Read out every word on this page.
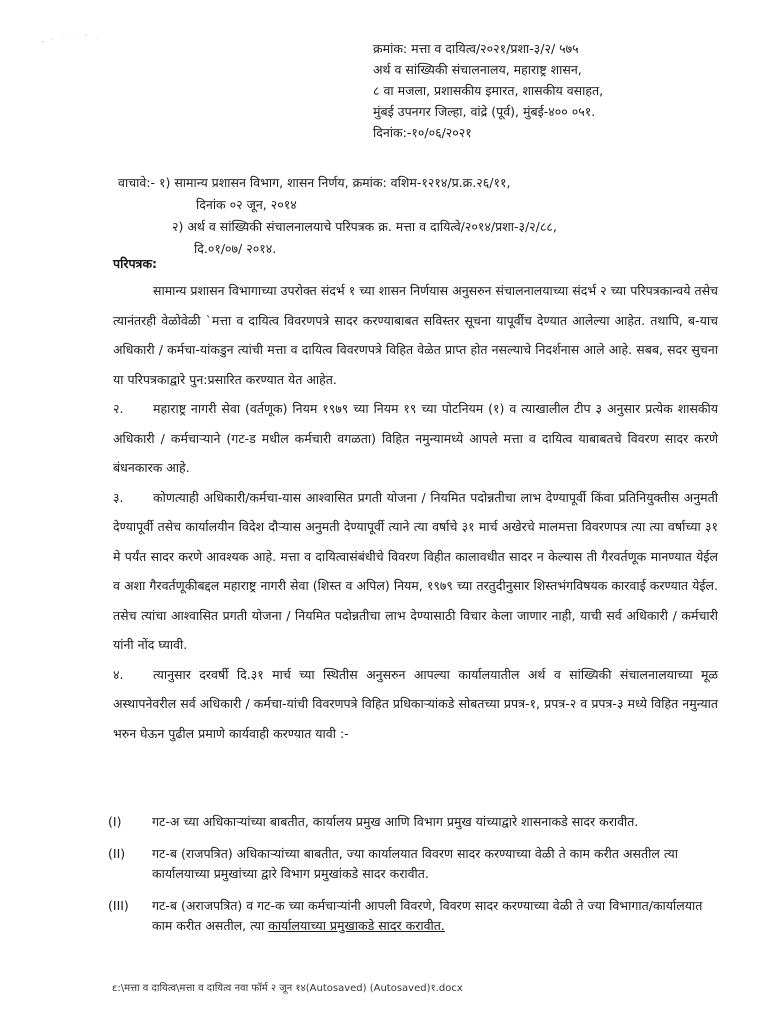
क्रमांक: मत्ता व दायित्व/२०२१/प्रशा-३/२/ ५७५
अर्थ व सांख्यिकी संचालनालय, महाराष्ट्र शासन,
८ वा मजला, प्रशासकीय इमारत, शासकीय वसाहत,
मुंबई उपनगर जिल्हा, वांद्रे (पूर्व), मुंबई-४०० ०५१.
दिनांक:-१०/०६/२०२१
वाचावे:- १) सामान्य प्रशासन विभाग, शासन निर्णय, क्रमांक: वशिम-१२१४/प्र.क्र.२६/११,
दिनांक ०२ जून, २०१४
२) अर्थ व सांख्यिकी संचालनालयाचे परिपत्रक क्र. मत्ता व दायित्वे/२०१४/प्रशा-३/२/८८,
दि.०१/०७/ २०१४.
परिपत्रक:

सामान्य प्रशासन विभागाच्या उपरोक्त संदर्भ १ च्या शासन निर्णयास अनुसरुन संचालनालयाच्या संदर्भ २ च्या परिपत्रकान्वये तसेच त्यानंतरही वेळोवेळी `मत्ता व दायित्व विवरणपत्रे सादर करण्याबाबत सविस्तर सूचना यापूर्वीच देण्यात आलेल्या आहेत. तथापि, ब-याच अधिकारी / कर्मचा-यांकडुन त्यांची मत्ता व दायित्व विवरणपत्रे विहित वेळेत प्राप्त होत नसल्याचे निदर्शनास आले आहे. सबब, सदर सुचना या परिपत्रकाद्वारे पुन:प्रसारित करण्यात येत आहेत.

२. महाराष्ट्र नागरी सेवा (वर्तणूक) नियम १९७९ च्या नियम १९ च्या पोटनियम (१) व त्याखालील टीप ३ अनुसार प्रत्येक शासकीय अधिकारी / कर्मचाऱ्याने (गट-ड मधील कर्मचारी वगळता) विहित नमुन्यामध्ये आपले मत्ता व दायित्व याबाबतचे विवरण सादर करणे बंधनकारक आहे.

३. कोणत्याही अधिकारी/कर्मचा-यास आश्वासित प्रगती योजना / नियमित पदोन्नतीचा लाभ देण्यापूर्वी किंवा प्रतिनियुक्तीस अनुमती देण्यापूर्वी तसेच कार्यालयीन विदेश दौऱ्यास अनुमती देण्यापूर्वी त्याने त्या वर्षाचे ३१ मार्च अखेरचे मालमत्ता विवरणपत्र त्या त्या वर्षाच्या ३१ मे पर्यंत सादर करणे आवश्यक आहे. मत्ता व दायित्वासंबंधीचे विवरण विहीत कालावधीत सादर न केल्यास ती गैरवर्तणूक मानण्यात येईल व अशा गैरवर्तणूकीबद्दल महाराष्ट्र नागरी सेवा (शिस्त व अपिल) नियम, १९७९ च्या तरतुदीनुसार शिस्तभंगविषयक कारवाई करण्यात येईल. तसेच त्यांचा आश्वासित प्रगती योजना / नियमित पदोन्नतीचा लाभ देण्यासाठी विचार केला जाणार नाही, याची सर्व अधिकारी / कर्मचारी यांनी नोंद घ्यावी.

४. त्यानुसार दरवर्षी दि.३१ मार्च च्या स्थितीस अनुसरुन आपल्या कार्यालयातील अर्थ व सांख्यिकी संचालनालयाच्या मूळ अस्थापनेवरील सर्व अधिकारी / कर्मचा-यांची विवरणपत्रे विहित प्रधिकाऱ्यांकडे सोबतच्या प्रपत्र-१, प्रपत्र-२ व प्रपत्र-३ मध्ये विहित नमुन्यात भरुन घेऊन पुढील प्रमाणे कार्यवाही करण्यात यावी :-

(I)	गट-अ च्या अधिकाऱ्यांच्या बाबतीत, कार्यालय प्रमुख आणि विभाग प्रमुख यांच्याद्वारे शासनाकडे सादर करावीत.
(II)	गट-ब (राजपत्रित) अधिकाऱ्यांच्या बाबतीत, ज्या कार्यालयात विवरण सादर करण्याच्या वेळी ते काम करीत असतील त्या कार्यालयाच्या प्रमुखांच्या द्वारे विभाग प्रमुखांकडे सादर करावीत.
(III)	गट-ब (अराजपत्रित) व गट-क च्या कर्मचाऱ्यांनी आपली विवरणे, विवरण सादर करण्याच्या वेळी ते ज्या विभागात/कार्यालयात काम करीत असतील, त्या कार्यालयाच्या प्रमुखाकडे सादर करावीत.
ε:\मत्ता व दायित्व\मत्ता व दायित्व नवा फॉर्म २ जून १४(Autosaved) (Autosaved)१.docx
